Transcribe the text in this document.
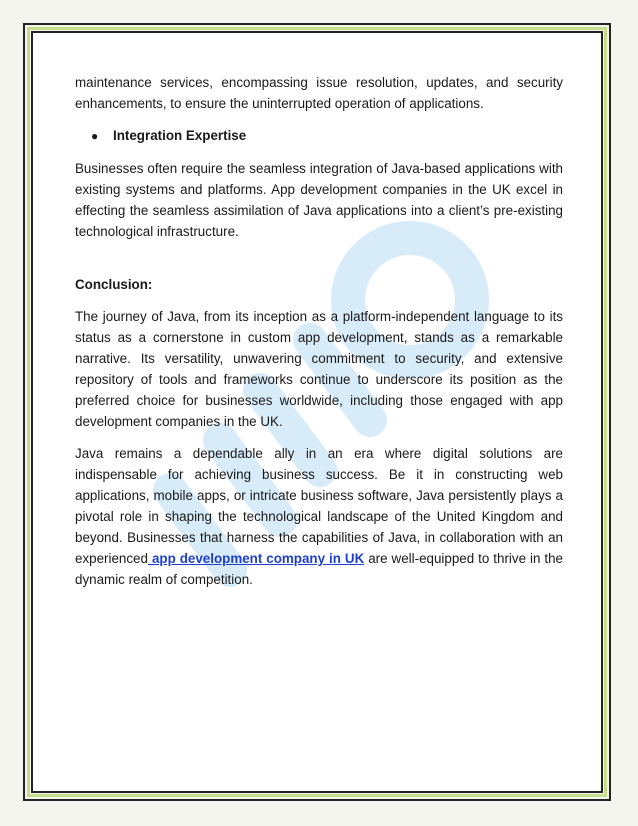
maintenance services, encompassing issue resolution, updates, and security enhancements, to ensure the uninterrupted operation of applications.

●	Integration Expertise

Businesses often require the seamless integration of Java-based applications with existing systems and platforms. App development companies in the UK excel in effecting the seamless assimilation of Java applications into a client’s pre-existing technological infrastructure.

Conclusion:

The journey of Java, from its inception as a platform-independent language to its status as a cornerstone in custom app development, stands as a remarkable narrative. Its versatility, unwavering commitment to security, and extensive repository of tools and frameworks continue to underscore its position as the preferred choice for businesses worldwide, including those engaged with app development companies in the UK.

Java remains a dependable ally in an era where digital solutions are indispensable for achieving business success. Be it in constructing web applications, mobile apps, or intricate business software, Java persistently plays a pivotal role in shaping the technological landscape of the United Kingdom and beyond. Businesses that harness the capabilities of Java, in collaboration with an experienced app development company in UK are well-equipped to thrive in the dynamic realm of competition.
